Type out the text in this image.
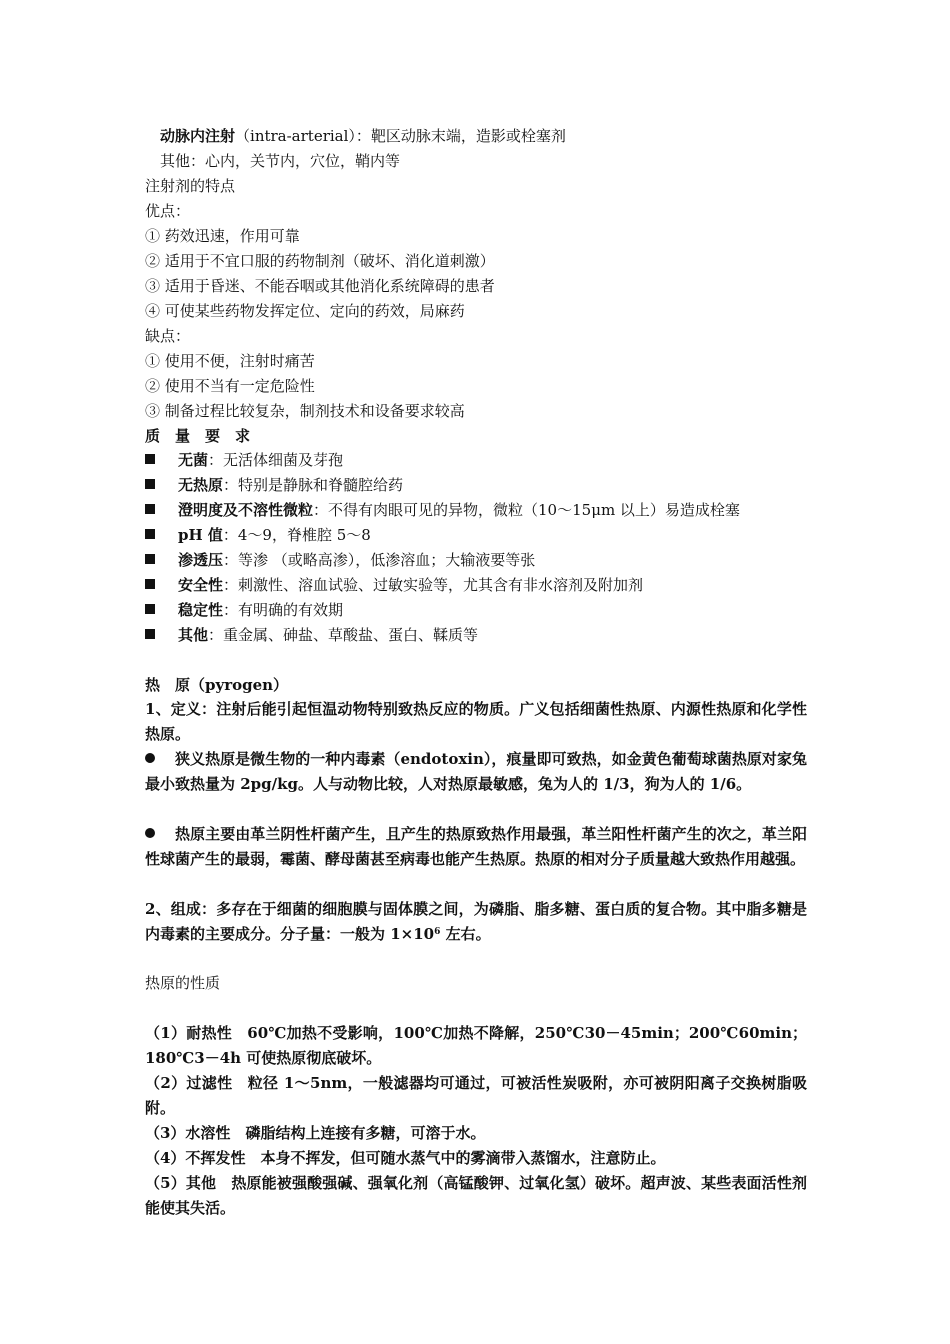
动脉内注射（intra-arterial）：靶区动脉末端，造影或栓塞剂
其他：心内，关节内，穴位，鞘内等
注射剂的特点
优点：
① 药效迅速，作用可靠
② 适用于不宜口服的药物制剂（破坏、消化道刺激）
③ 适用于昏迷、不能吞咽或其他消化系统障碍的患者
④ 可使某些药物发挥定位、定向的药效，局麻药
缺点：
① 使用不便，注射时痛苦
② 使用不当有一定危险性
③ 制备过程比较复杂，制剂技术和设备要求较高
质　量　要　求
无菌：无活体细菌及芽孢
无热原：特别是静脉和脊髓腔给药
澄明度及不溶性微粒：不得有肉眼可见的异物，微粒（10～15μm 以上）易造成栓塞
pH 值：4～9，脊椎腔 5～8
渗透压：等渗 （或略高渗），低渗溶血；大输液要等张
安全性：刺激性、溶血试验、过敏实验等，尤其含有非水溶剂及附加剂
稳定性：有明确的有效期
其他：重金属、砷盐、草酸盐、蛋白、鞣质等
热　原（pyrogen）
1、定义：注射后能引起恒温动物特别致热反应的物质。广义包括细菌性热原、内源性热原和化学性热原。
狭义热原是微生物的一种内毒素（endotoxin），痕量即可致热，如金黄色葡萄球菌热原对家兔最小致热量为 2pg/kg。人与动物比较，人对热原最敏感，兔为人的 1/3，狗为人的 1/6。
热原主要由革兰阴性杆菌产生，且产生的热原致热作用最强，革兰阳性杆菌产生的次之，革兰阳性球菌产生的最弱，霉菌、酵母菌甚至病毒也能产生热原。热原的相对分子质量越大致热作用越强。
2、组成：多存在于细菌的细胞膜与固体膜之间，为磷脂、脂多糖、蛋白质的复合物。其中脂多糖是内毒素的主要成分。分子量：一般为 $1\times 10^6$ 左右。
热原的性质
（1）耐热性　60℃加热不受影响，100℃加热不降解，250℃30－45min；200℃60min；180℃3－4h 可使热原彻底破坏。
（2）过滤性　粒径 1～5nm，一般滤器均可通过，可被活性炭吸附，亦可被阴阳离子交换树脂吸附。
（3）水溶性　磷脂结构上连接有多糖，可溶于水。
（4）不挥发性　本身不挥发，但可随水蒸气中的雾滴带入蒸馏水，注意防止。
（5）其他　热原能被强酸强碱、强氧化剂（高锰酸钾、过氧化氢）破坏。超声波、某些表面活性剂能使其失活。
